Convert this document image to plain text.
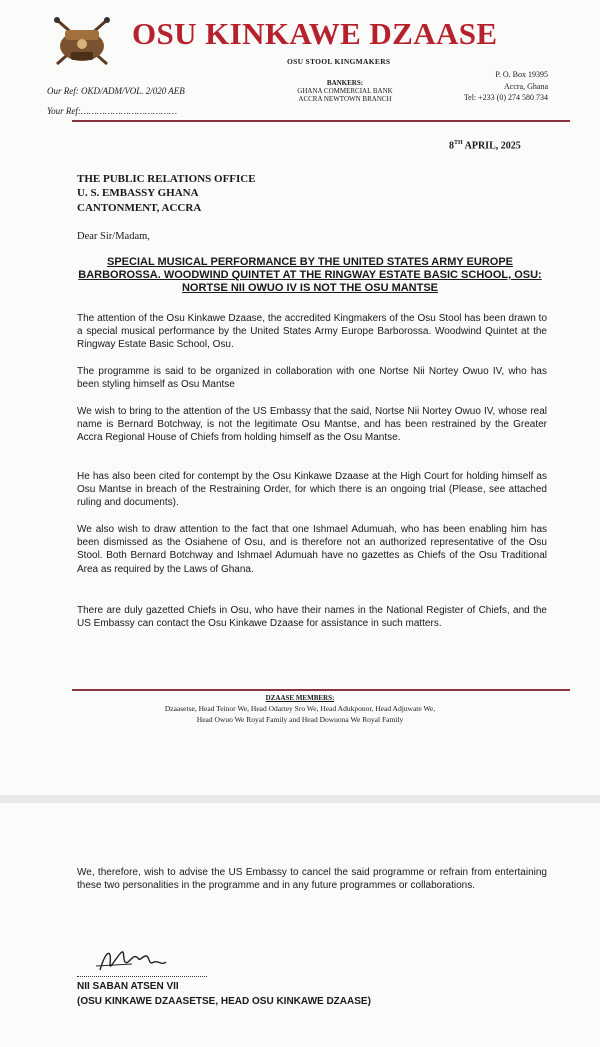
OSU KINKAWE DZAASE
OSU STOOL KINGMAKERS
BANKERS:
GHANA COMMERCIAL BANK
ACCRA NEWTOWN BRANCH
P. O. Box 19395
Accra, Ghana
Tel: +233 (0) 274 580 734
Our Ref: OKD/ADM/VOL. 2/020 AEB
Your Ref:………………………………
8TH APRIL, 2025
THE PUBLIC RELATIONS OFFICE
U. S. EMBASSY GHANA
CANTONMENT, ACCRA
Dear Sir/Madam,
SPECIAL MUSICAL PERFORMANCE BY THE UNITED STATES ARMY EUROPE BARBOROSSA. WOODWIND QUINTET AT THE RINGWAY ESTATE BASIC SCHOOL, OSU: NORTSE NII OWUO IV IS NOT THE OSU MANTSE
The attention of the Osu Kinkawe Dzaase, the accredited Kingmakers of the Osu Stool has been drawn to a special musical performance by the United States Army Europe Barborossa. Woodwind Quintet at the Ringway Estate Basic School, Osu.
The programme is said to be organized in collaboration with one Nortse Nii Nortey Owuo IV, who has been styling himself as Osu Mantse
We wish to bring to the attention of the US Embassy that the said, Nortse Nii Nortey Owuo IV, whose real name is Bernard Botchway, is not the legitimate Osu Mantse, and has been restrained by the Greater Accra Regional House of Chiefs from holding himself as the Osu Mantse.
He has also been cited for contempt by the Osu Kinkawe Dzaase at the High Court for holding himself as Osu Mantse in breach of the Restraining Order, for which there is an ongoing trial (Please, see attached ruling and documents).
We also wish to draw attention to the fact that one Ishmael Adumuah, who has been enabling him has been dismissed as the Osiahene of Osu, and is therefore not an authorized representative of the Osu Stool. Both Bernard Botchway and Ishmael Adumuah have no gazettes as Chiefs of the Osu Traditional Area as required by the Laws of Ghana.
There are duly gazetted Chiefs in Osu, who have their names in the National Register of Chiefs, and the US Embassy can contact the Osu Kinkawe Dzaase for assistance in such matters.
DZAASE MEMBERS:
Dzaasetse, Head Teinor We, Head Odartey Sro We, Head Adukponor, Head Adjuwate We,
Head Owuo We Royal Family and Head Dowuona We Royal Family
We, therefore, wish to advise the US Embassy to cancel the said programme or refrain from entertaining these two personalities in the programme and in any future programmes or collaborations.
NII SABAN ATSEN VII
(OSU KINKAWE DZAASETSE, HEAD OSU KINKAWE DZAASE)
